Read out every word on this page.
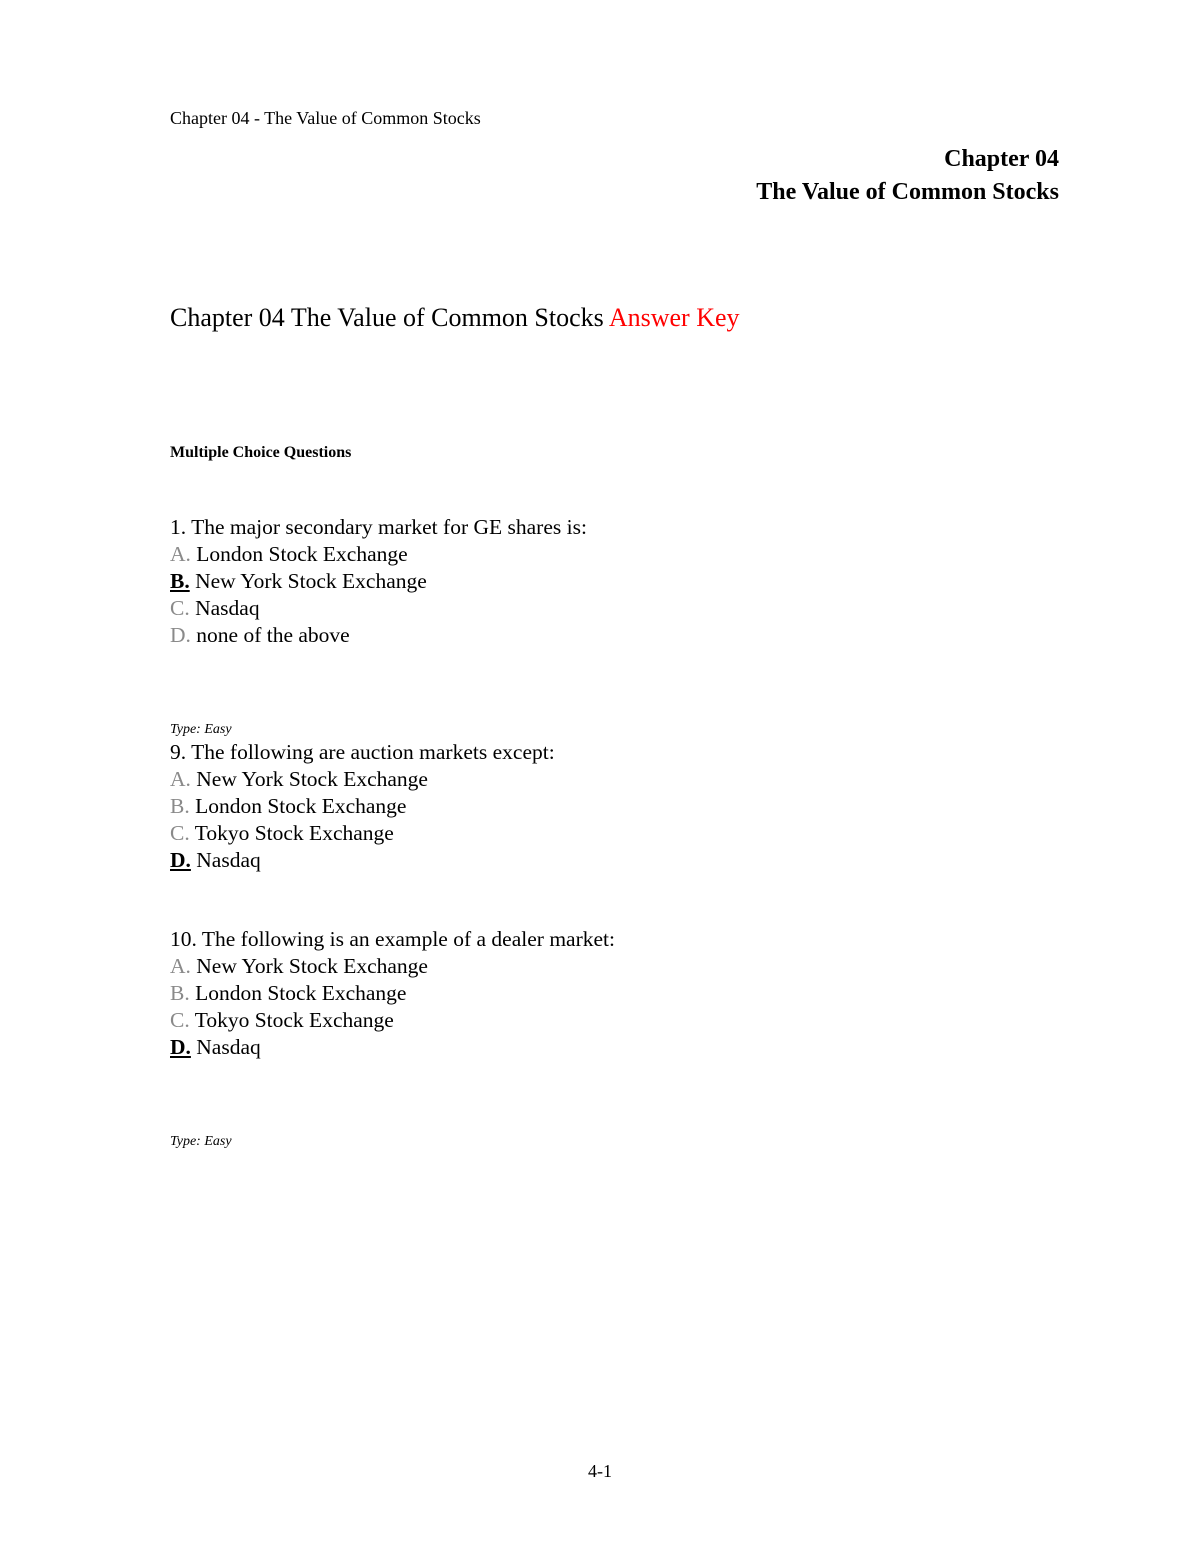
Chapter 04 - The Value of Common Stocks
Chapter 04
The Value of Common Stocks
Chapter 04 The Value of Common Stocks Answer Key
Multiple Choice Questions
1. The major secondary market for GE shares is:
A. London Stock Exchange
B. New York Stock Exchange
C. Nasdaq
D. none of the above
Type: Easy
9. The following are auction markets except:
A. New York Stock Exchange
B. London Stock Exchange
C. Tokyo Stock Exchange
D. Nasdaq
10. The following is an example of a dealer market:
A. New York Stock Exchange
B. London Stock Exchange
C. Tokyo Stock Exchange
D. Nasdaq
Type: Easy
4-1
